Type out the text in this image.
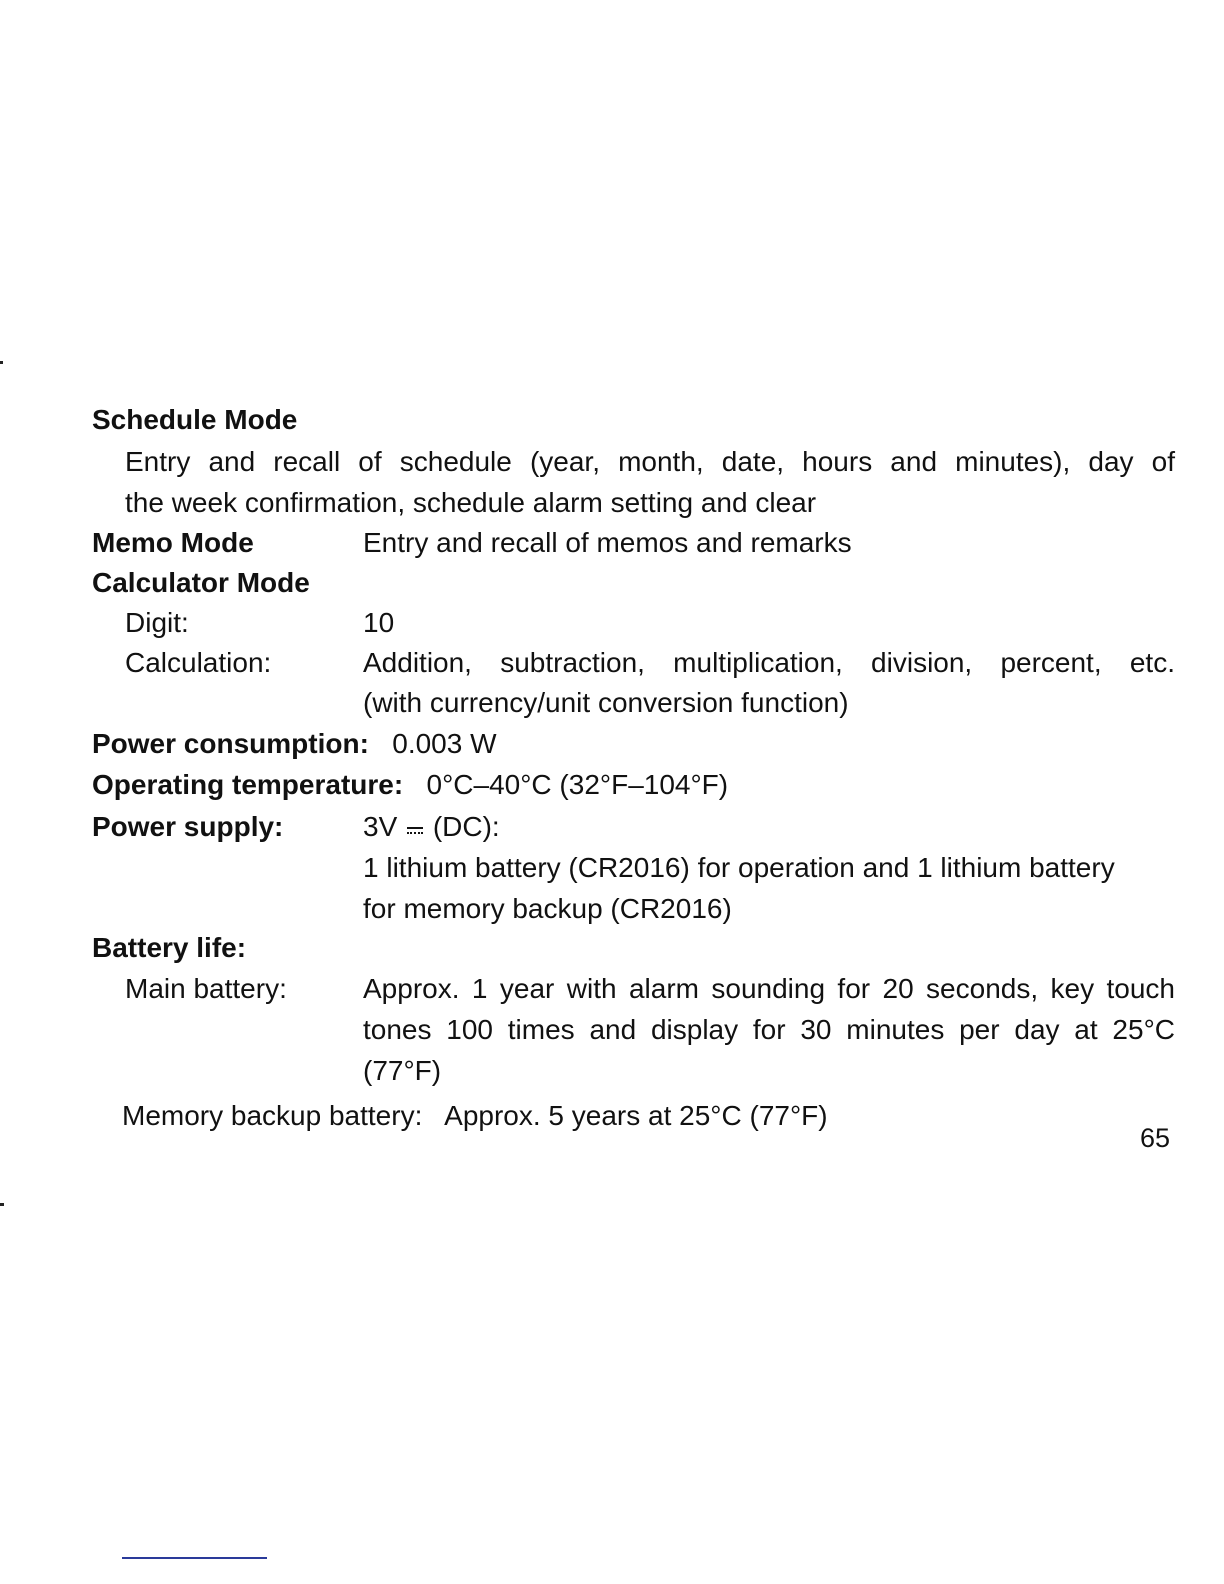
Schedule Mode
Entry and recall of schedule (year, month, date, hours and minutes), day of
the week confirmation, schedule alarm setting and clear
Memo Mode	Entry and recall of memos and remarks
Calculator Mode
Digit:	10
Calculation:	Addition, subtraction, multiplication, division, percent, etc.
(with currency/unit conversion function)
Power consumption: 0.003 W
Operating temperature: 0°C–40°C (32°F–104°F)
Power supply:	3V (DC):
1 lithium battery (CR2016) for operation and 1 lithium battery
for memory backup (CR2016)
Battery life:
Main battery:	Approx. 1 year with alarm sounding for 20 seconds, key touch
tones 100 times and display for 30 minutes per day at 25°C
(77°F)
Memory backup battery: Approx. 5 years at 25°C (77°F)
65
